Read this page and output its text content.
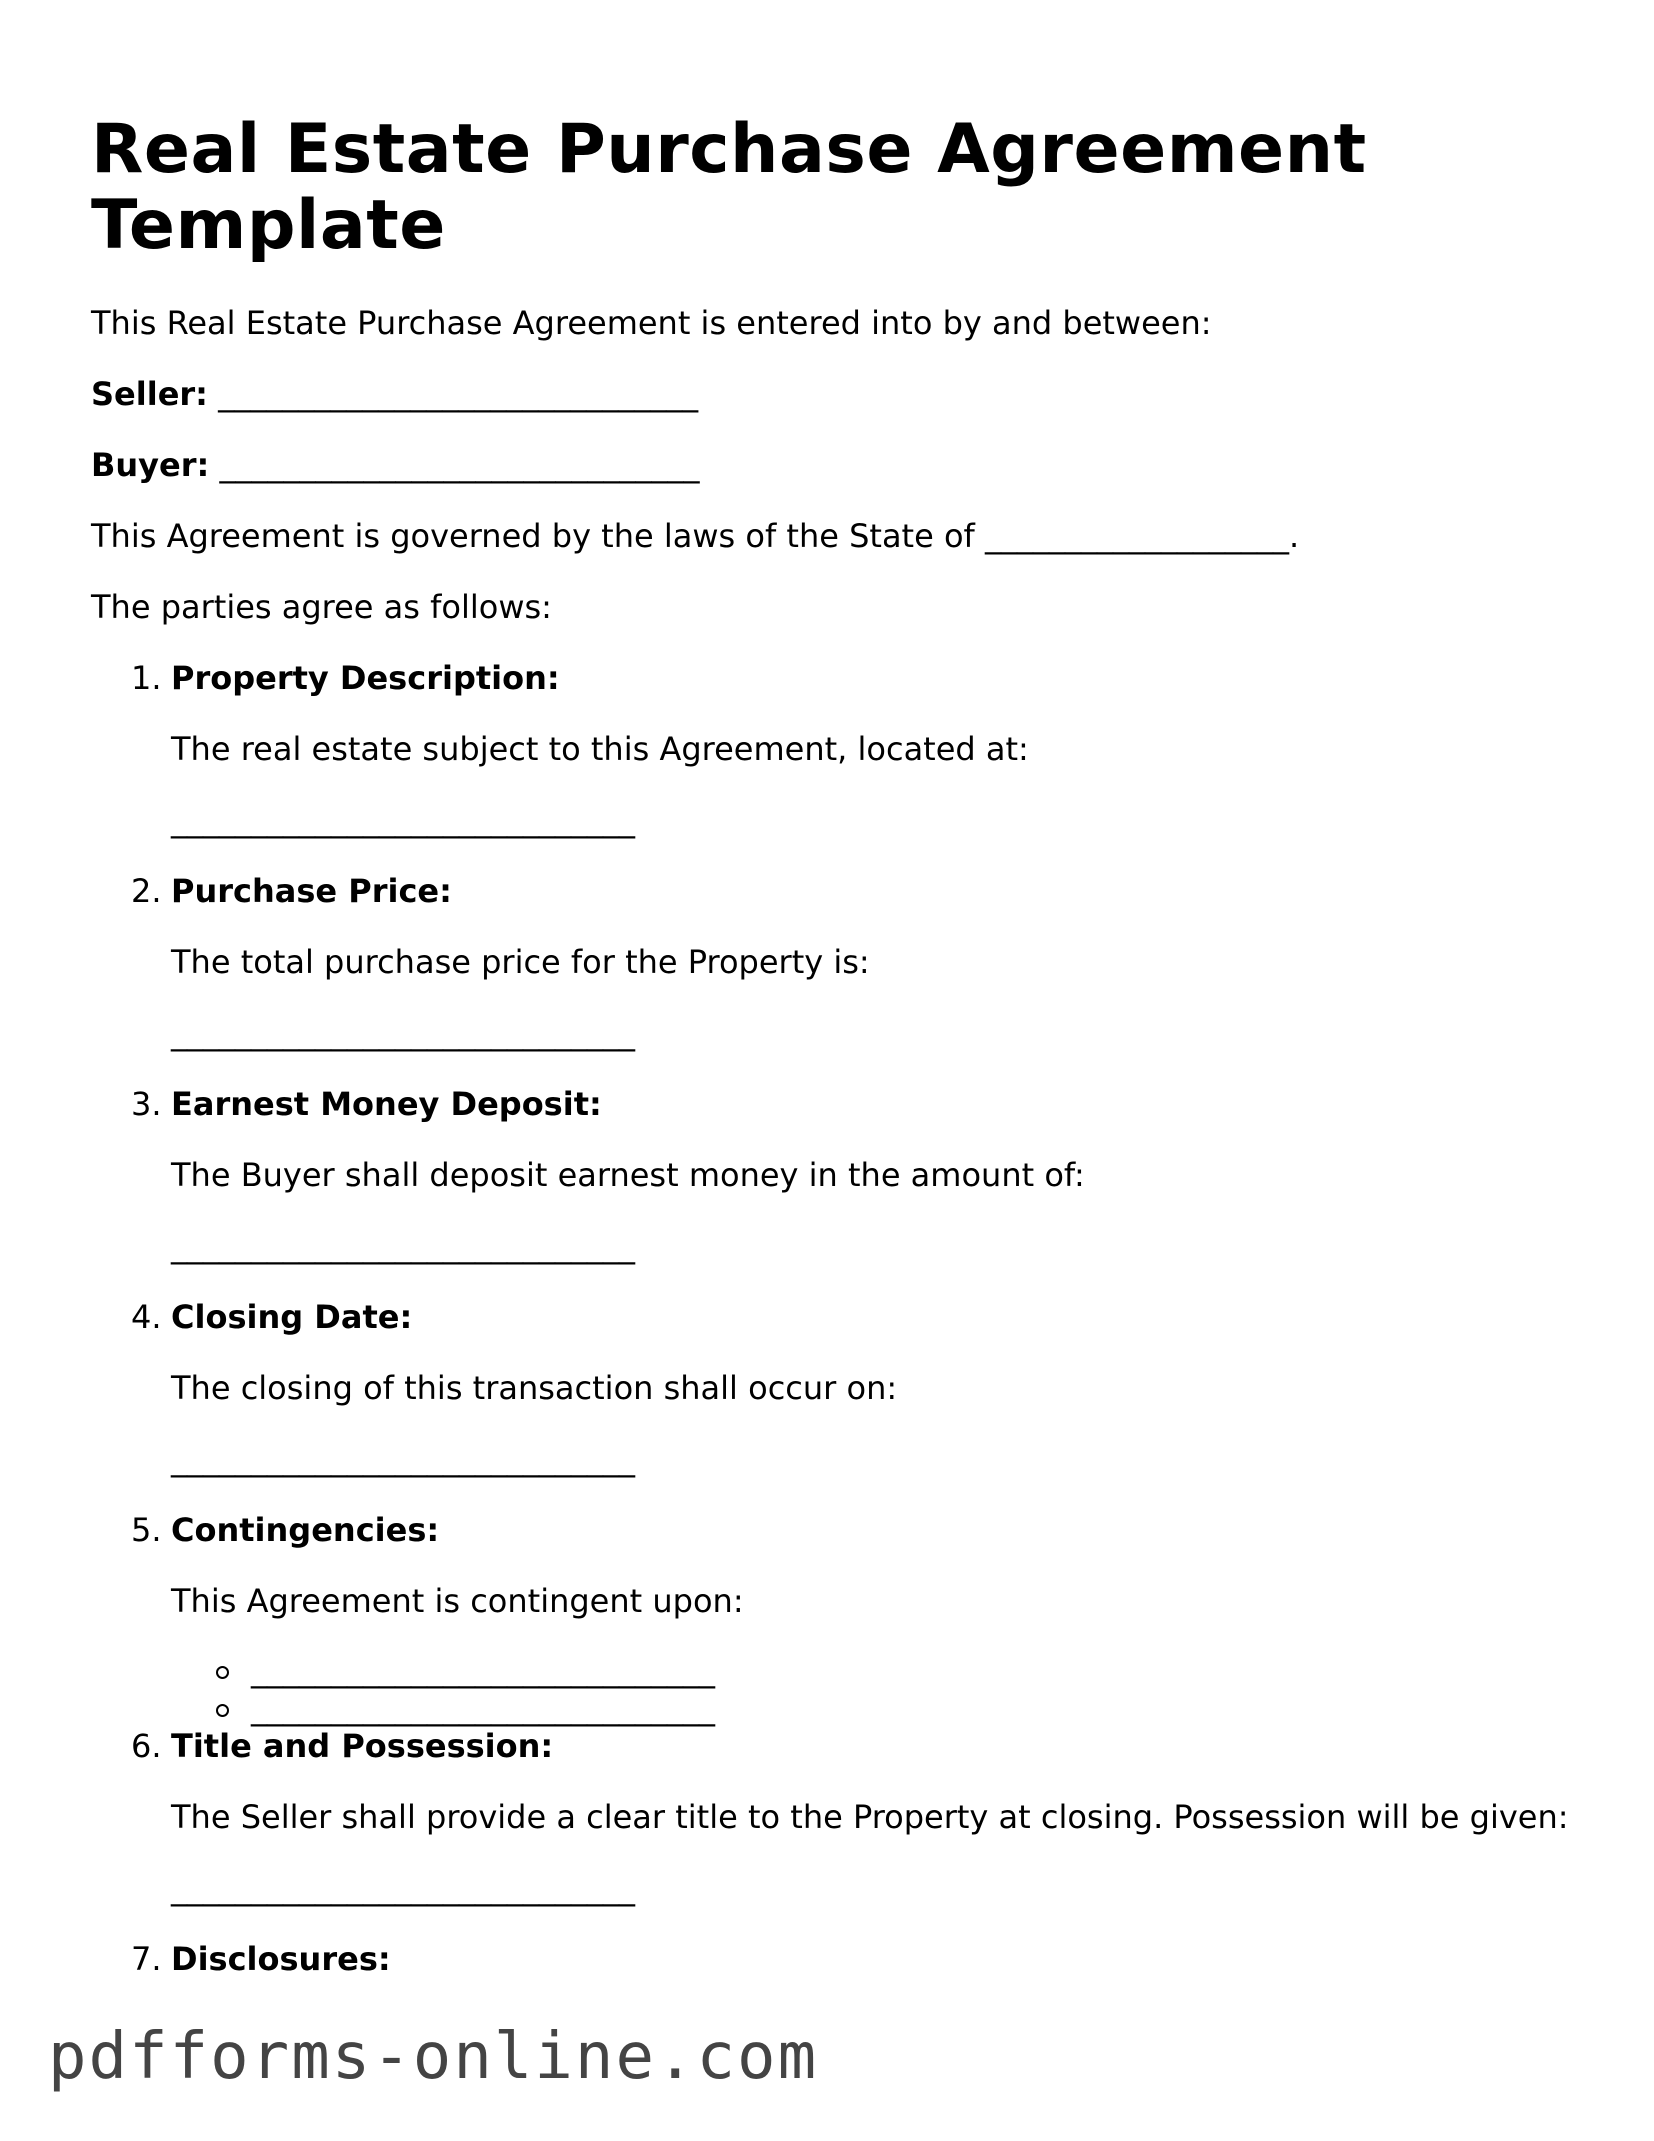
Real Estate Purchase Agreement Template

This Real Estate Purchase Agreement is entered into by and between:

Seller: ______________________________

Buyer: ______________________________

This Agreement is governed by the laws of the State of ___________________.

The parties agree as follows:

1. Property Description:
The real estate subject to this Agreement, located at:
_____________________________
2. Purchase Price:
The total purchase price for the Property is:
_____________________________
3. Earnest Money Deposit:
The Buyer shall deposit earnest money in the amount of:
_____________________________
4. Closing Date:
The closing of this transaction shall occur on:
_____________________________
5. Contingencies:
This Agreement is contingent upon:
_____________________________
_____________________________
6. Title and Possession:
The Seller shall provide a clear title to the Property at closing. Possession will be given:
_____________________________
7. Disclosures:
pdfforms-online.com
